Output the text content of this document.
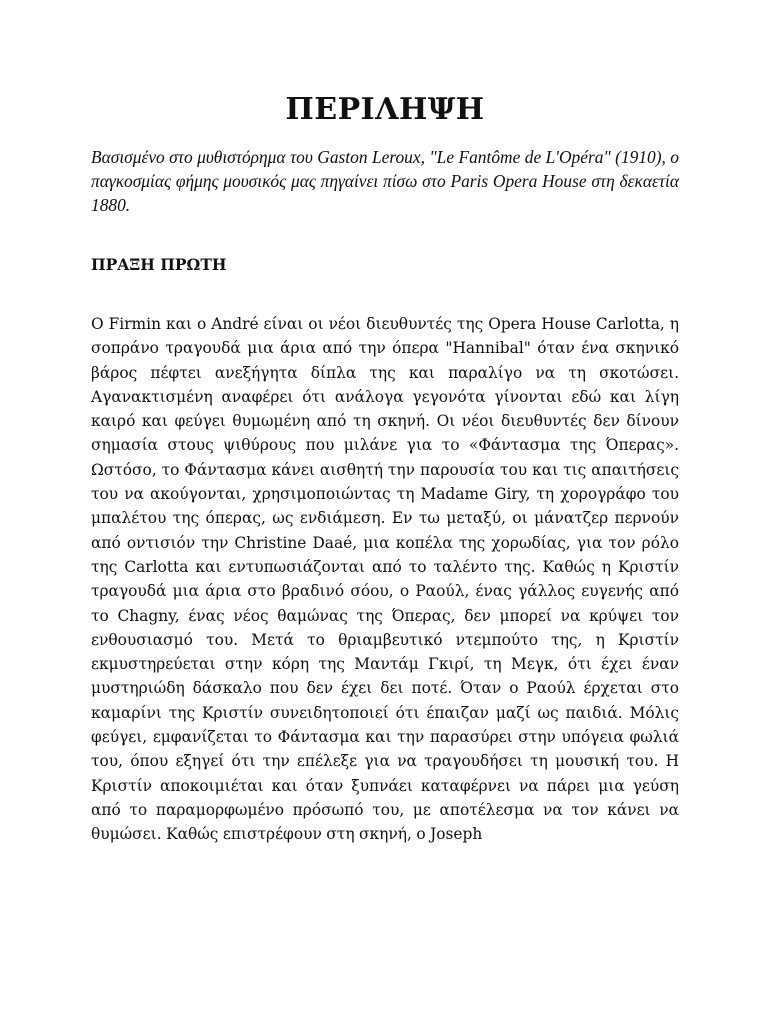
ΠΕΡΙΛΗΨΗ

Βασισμένο στο μυθιστόρημα του Gaston Leroux, "Le Fantôme de L'Opéra" (1910), ο παγκοσμίας φήμης μουσικός μας πηγαίνει πίσω στο Paris Opera House στη δεκαετία 1880.

ΠΡΑΞΗ ΠΡΩΤΗ

Ο Firmin και ο André είναι οι νέοι διευθυντές της Opera House Carlotta, η σοπράνο τραγουδά μια άρια από την όπερα "Hannibal" όταν ένα σκηνικό βάρος πέφτει ανεξήγητα δίπλα της και παραλίγο να τη σκοτώσει. Αγανακτισμένη αναφέρει ότι ανάλογα γεγονότα γίνονται εδώ και λίγη καιρό και φεύγει θυμωμένη από τη σκηνή. Οι νέοι διευθυντές δεν δίνουν σημασία στους ψιθύρους που μιλάνε για το «Φάντασμα της Όπερας». Ωστόσο, το Φάντασμα κάνει αισθητή την παρουσία του και τις απαιτήσεις του να ακούγονται, χρησιμοποιώντας τη Madame Giry, τη χορογράφο του μπαλέτου της όπερας, ως ενδιάμεση. Εν τω μεταξύ, οι μάνατζερ περνούν από οντισιόν την Christine Daaé, μια κοπέλα της χορωδίας, για τον ρόλο της Carlotta και εντυπωσιάζονται από το ταλέντο της. Καθώς η Κριστίν τραγουδά μια άρια στο βραδινό σόου, ο Ραούλ, ένας γάλλος ευγενής από το Chagny, ένας νέος θαμώνας της Όπερας, δεν μπορεί να κρύψει τον ενθουσιασμό του. Μετά το θριαμβευτικό ντεμπούτο της, η Κριστίν εκμυστηρεύεται στην κόρη της Μαντάμ Γκιρί, τη Μεγκ, ότι έχει έναν μυστηριώδη δάσκαλο που δεν έχει δει ποτέ. Όταν ο Ραούλ έρχεται στο καμαρίνι της Κριστίν συνειδητοποιεί ότι έπαιζαν μαζί ως παιδιά. Μόλις φεύγει, εμφανίζεται το Φάντασμα και την παρασύρει στην υπόγεια φωλιά του, όπου εξηγεί ότι την επέλεξε για να τραγουδήσει τη μουσική του. Η Κριστίν αποκοιμιέται και όταν ξυπνάει καταφέρνει να πάρει μια γεύση από το παραμορφωμένο πρόσωπό του, με αποτέλεσμα να τον κάνει να θυμώσει. Καθώς επιστρέφουν στη σκηνή, ο Joseph
